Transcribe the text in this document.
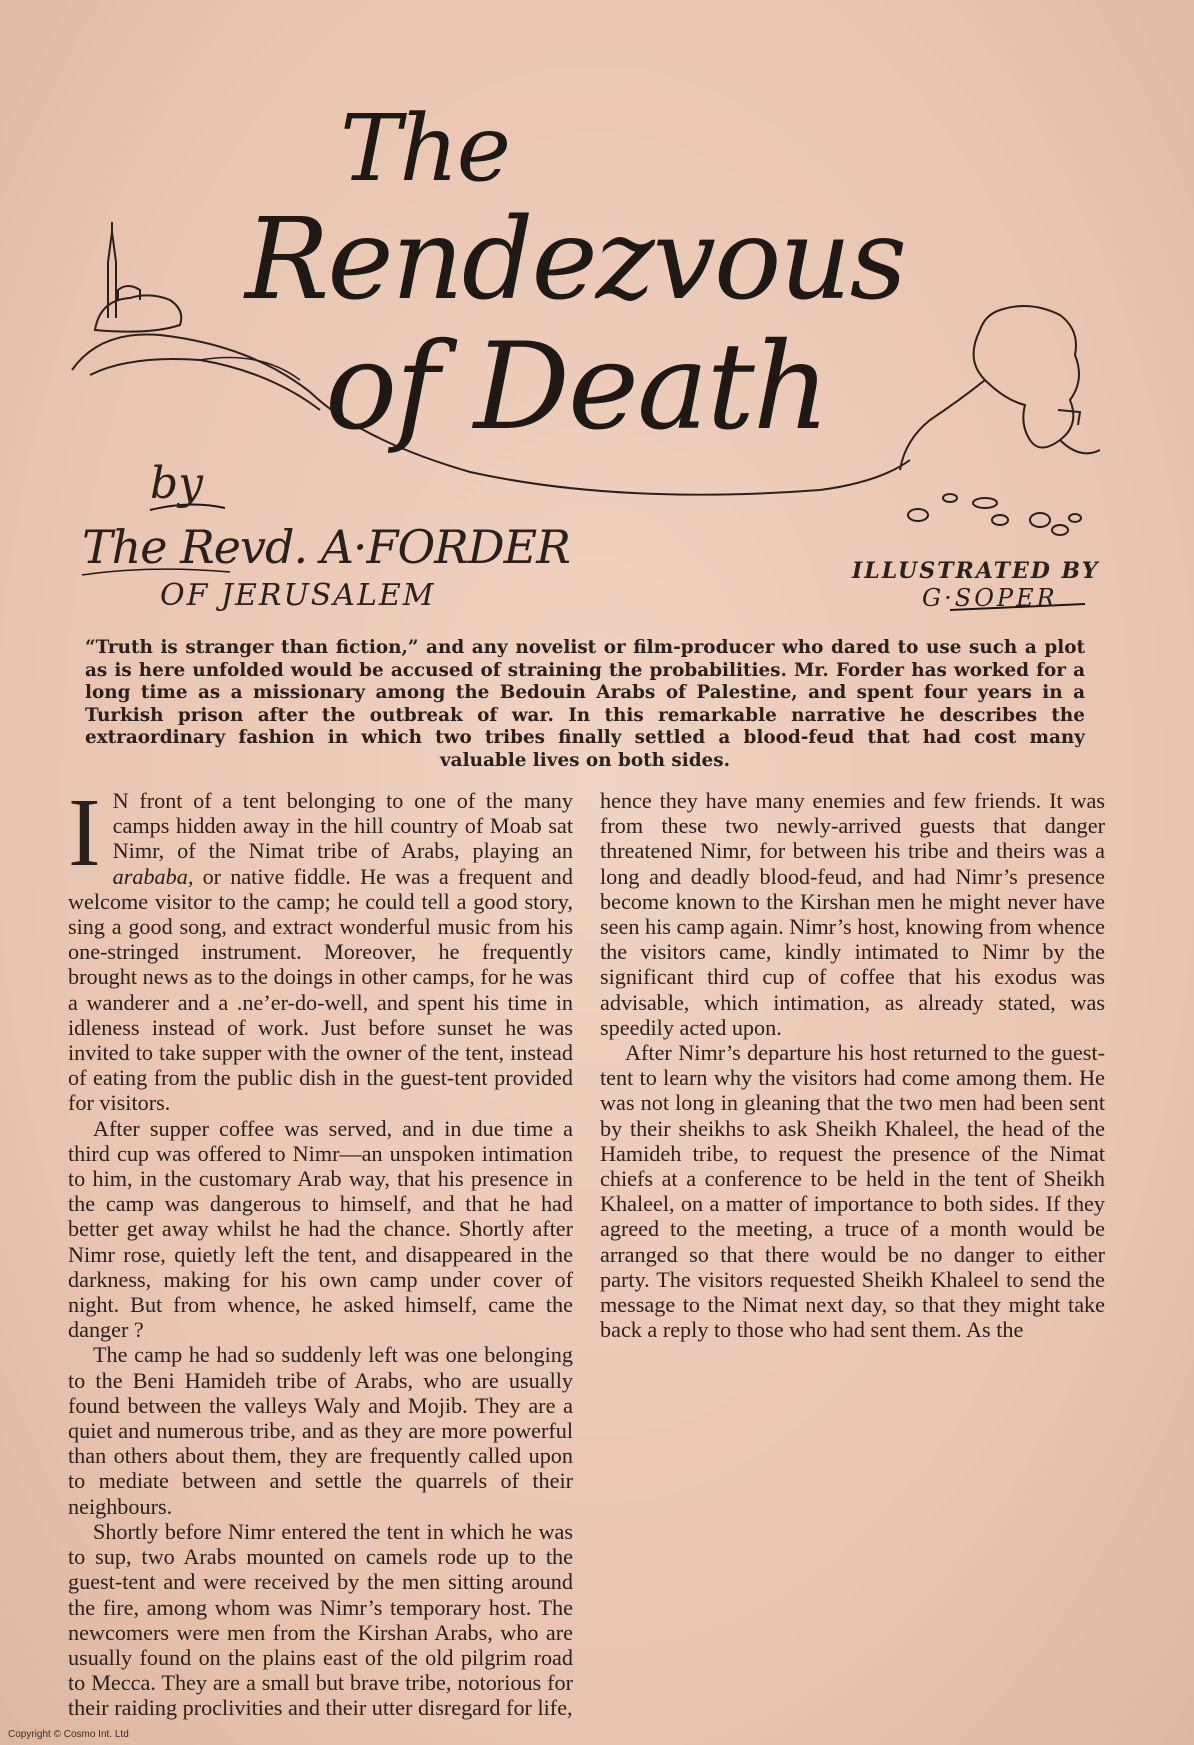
The
Rendezvous
of Death
by
The Revd. A·FORDER
OF JERUSALEM
ILLUSTRATED BY
G·SOPER
“Truth is stranger than fiction,” and any novelist or film-producer who dared to use such a plot as is here unfolded would be accused of straining the probabilities. Mr. Forder has worked for a long time as a missionary among the Bedouin Arabs of Palestine, and spent four years in a Turkish prison after the outbreak of war. In this remarkable narrative he describes the extraordinary fashion in which two tribes finally settled a blood-feud that had cost many valuable lives on both sides.

I N front of a tent belonging to one of the many camps hidden away in the hill country of Moab sat Nimr, of the Nimat tribe of Arabs, playing an arababa, or native fiddle. He was a frequent and welcome visitor to the camp; he could tell a good story, sing a good song, and extract wonderful music from his one-stringed instrument. Moreover, he frequently brought news as to the doings in other camps, for he was a wanderer and a .ne’er-do-well, and spent his time in idleness instead of work. Just before sunset he was invited to take supper with the owner of the tent, instead of eating from the public dish in the guest-tent provided for visitors.

After supper coffee was served, and in due time a third cup was offered to Nimr—an unspoken intimation to him, in the customary Arab way, that his presence in the camp was dangerous to himself, and that he had better get away whilst he had the chance. Shortly after Nimr rose, quietly left the tent, and disappeared in the darkness, making for his own camp under cover of night. But from whence, he asked himself, came the danger ?

The camp he had so suddenly left was one belonging to the Beni Hamideh tribe of Arabs, who are usually found between the valleys Waly and Mojib. They are a quiet and numerous tribe, and as they are more powerful than others about them, they are frequently called upon to mediate between and settle the quarrels of their neighbours.

Shortly before Nimr entered the tent in which he was to sup, two Arabs mounted on camels rode up to the guest-tent and were received by the men sitting around the fire, among whom was Nimr’s temporary host. The newcomers were men from the Kirshan Arabs, who are usually found on the plains east of the old pilgrim road to Mecca. They are a small but brave tribe, notorious for their raiding proclivities and their utter disregard for life,

hence they have many enemies and few friends. It was from these two newly-arrived guests that danger threatened Nimr, for between his tribe and theirs was a long and deadly blood-feud, and had Nimr’s presence become known to the Kirshan men he might never have seen his camp again. Nimr’s host, knowing from whence the visitors came, kindly intimated to Nimr by the significant third cup of coffee that his exodus was advisable, which intimation, as already stated, was speedily acted upon.

After Nimr’s departure his host returned to the guest-tent to learn why the visitors had come among them. He was not long in gleaning that the two men had been sent by their sheikhs to ask Sheikh Khaleel, the head of the Hamideh tribe, to request the presence of the Nimat chiefs at a conference to be held in the tent of Sheikh Khaleel, on a matter of importance to both sides. If they agreed to the meeting, a truce of a month would be arranged so that there would be no danger to either party. The visitors requested Sheikh Khaleel to send the message to the Nimat next day, so that they might take back a reply to those who had sent them. As the

Copyright © Cosmo Int. Ltd
